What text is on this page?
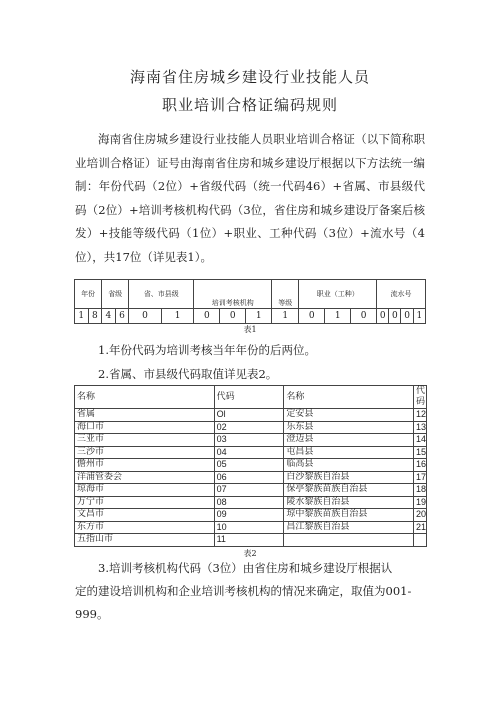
海南省住房城乡建设行业技能人员
职业培训合格证编码规则
海南省住房城乡建设行业技能人员职业培训合格证（以下简称职业培训合格证）证号由海南省住房和城乡建设厅根据以下方法统一编制：年份代码（2位）+省级代码（统一代码46）+省属、市县级代码（2位）+培训考核机构代码（3位，省住房和城乡建设厅备案后核发）+技能等级代码（1位）+职业、工种代码（3位）+流水号（4位），共17位（详见表1）。
年份		省级		省、市县级		培训考核机构			等级	职业（工种）			流水号			
1	8	4	6	0	1	0	0	1	1	0	1	0	0	0	0	1
表1
1.年份代码为培训考核当年年份的后两位。
2.省属、市县级代码取值详见表2。
名称	代码	名称	代码
省属	Ol	定安县	12
海口市	02	乐东县	13
三亚市	03	澄迈县	14
三沙市	04	屯昌县	15
儋州市	05	临高县	16
洋浦管委会	06	白沙黎族自治县	17
琼海市	07	保亭黎族苗族自治县	18
万宁市	08	陵水黎族自治县	19
文昌市	09	琼中黎族苗族自治县	20
东方市	10	昌江黎族自治县	21
五指山市	11		
表2
3.培训考核机构代码（3位）由省住房和城乡建设厅根据认
定的建设培训机构和企业培训考核机构的情况来确定，取值为001-
999。
